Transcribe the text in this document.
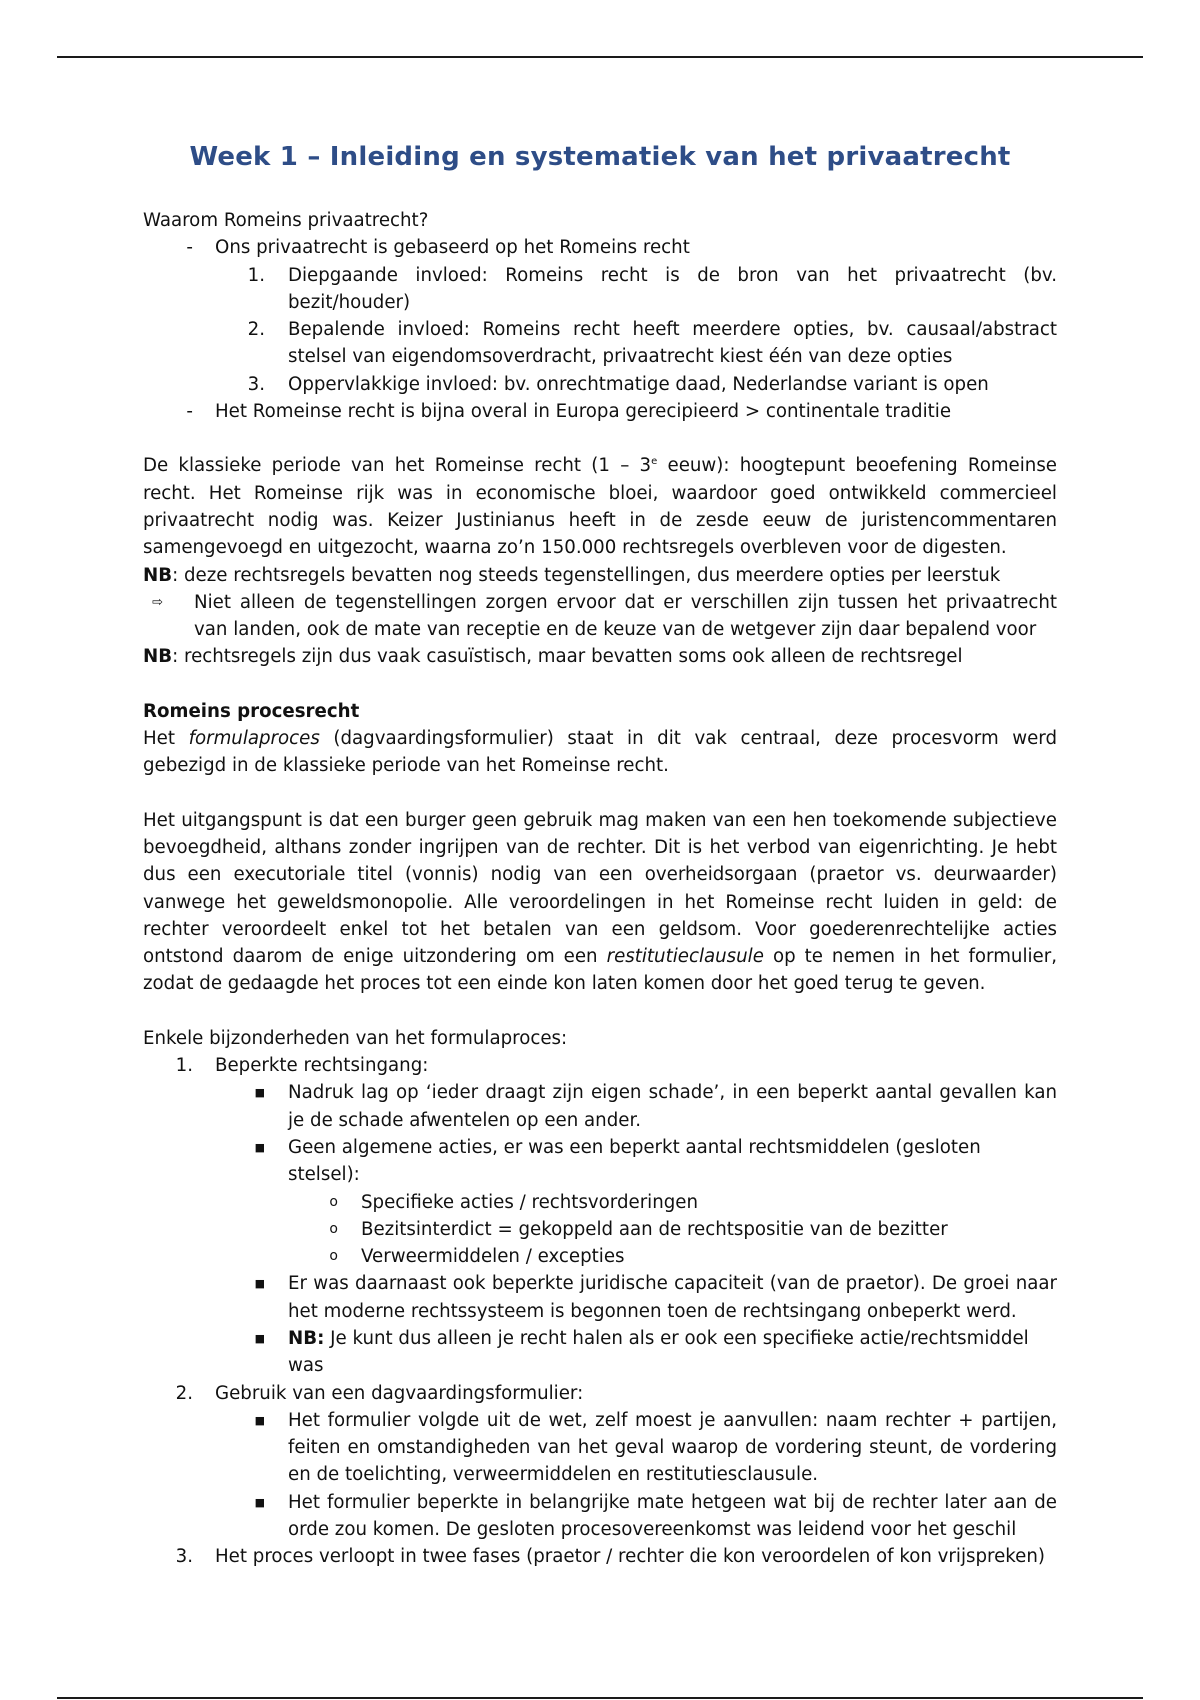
Week 1 – Inleiding en systematiek van het privaatrecht

Waarom Romeins privaatrecht?

- Ons privaatrecht is gebaseerd op het Romeins recht
1. Diepgaande invloed: Romeins recht is de bron van het privaatrecht (bv. bezit/houder)
2. Bepalende invloed: Romeins recht heeft meerdere opties, bv. causaal/abstract stelsel van eigendomsoverdracht, privaatrecht kiest één van deze opties
3. Oppervlakkige invloed: bv. onrechtmatige daad, Nederlandse variant is open
- Het Romeinse recht is bijna overal in Europa gerecipieerd > continentale traditie

De klassieke periode van het Romeinse recht (1 – 3e eeuw): hoogtepunt beoefening Romeinse recht. Het Romeinse rijk was in economische bloei, waardoor goed ontwikkeld commercieel privaatrecht nodig was. Keizer Justinianus heeft in de zesde eeuw de juristencommentaren samengevoegd en uitgezocht, waarna zo’n 150.000 rechtsregels overbleven voor de digesten.

NB: deze rechtsregels bevatten nog steeds tegenstellingen, dus meerdere opties per leerstuk

⇨ Niet alleen de tegenstellingen zorgen ervoor dat er verschillen zijn tussen het privaatrecht van landen, ook de mate van receptie en de keuze van de wetgever zijn daar bepalend voor

NB: rechtsregels zijn dus vaak casuïstisch, maar bevatten soms ook alleen de rechtsregel

Romeins procesrecht

Het formulaproces (dagvaardingsformulier) staat in dit vak centraal, deze procesvorm werd gebezigd in de klassieke periode van het Romeinse recht.

Het uitgangspunt is dat een burger geen gebruik mag maken van een hen toekomende subjectieve bevoegdheid, althans zonder ingrijpen van de rechter. Dit is het verbod van eigenrichting. Je hebt dus een executoriale titel (vonnis) nodig van een overheidsorgaan (praetor vs. deurwaarder) vanwege het geweldsmonopolie. Alle veroordelingen in het Romeinse recht luiden in geld: de rechter veroordeelt enkel tot het betalen van een geldsom. Voor goederenrechtelijke acties ontstond daarom de enige uitzondering om een restitutieclausule op te nemen in het formulier, zodat de gedaagde het proces tot een einde kon laten komen door het goed terug te geven.

Enkele bijzonderheden van het formulaproces:

1. Beperkte rechtsingang:
■ Nadruk lag op ‘ieder draagt zijn eigen schade’, in een beperkt aantal gevallen kan je de schade afwentelen op een ander.
■ Geen algemene acties, er was een beperkt aantal rechtsmiddelen (gesloten stelsel):
o Specifieke acties / rechtsvorderingen
o Bezitsinterdict = gekoppeld aan de rechtspositie van de bezitter
o Verweermiddelen / excepties
■ Er was daarnaast ook beperkte juridische capaciteit (van de praetor). De groei naar het moderne rechtssysteem is begonnen toen de rechtsingang onbeperkt werd.
■ NB: Je kunt dus alleen je recht halen als er ook een specifieke actie/rechtsmiddel was
2. Gebruik van een dagvaardingsformulier:
■ Het formulier volgde uit de wet, zelf moest je aanvullen: naam rechter + partijen, feiten en omstandigheden van het geval waarop de vordering steunt, de vordering en de toelichting, verweermiddelen en restitutiesclausule.
■ Het formulier beperkte in belangrijke mate hetgeen wat bij de rechter later aan de orde zou komen. De gesloten procesovereenkomst was leidend voor het geschil
3. Het proces verloopt in twee fases (praetor / rechter die kon veroordelen of kon vrijspreken)
